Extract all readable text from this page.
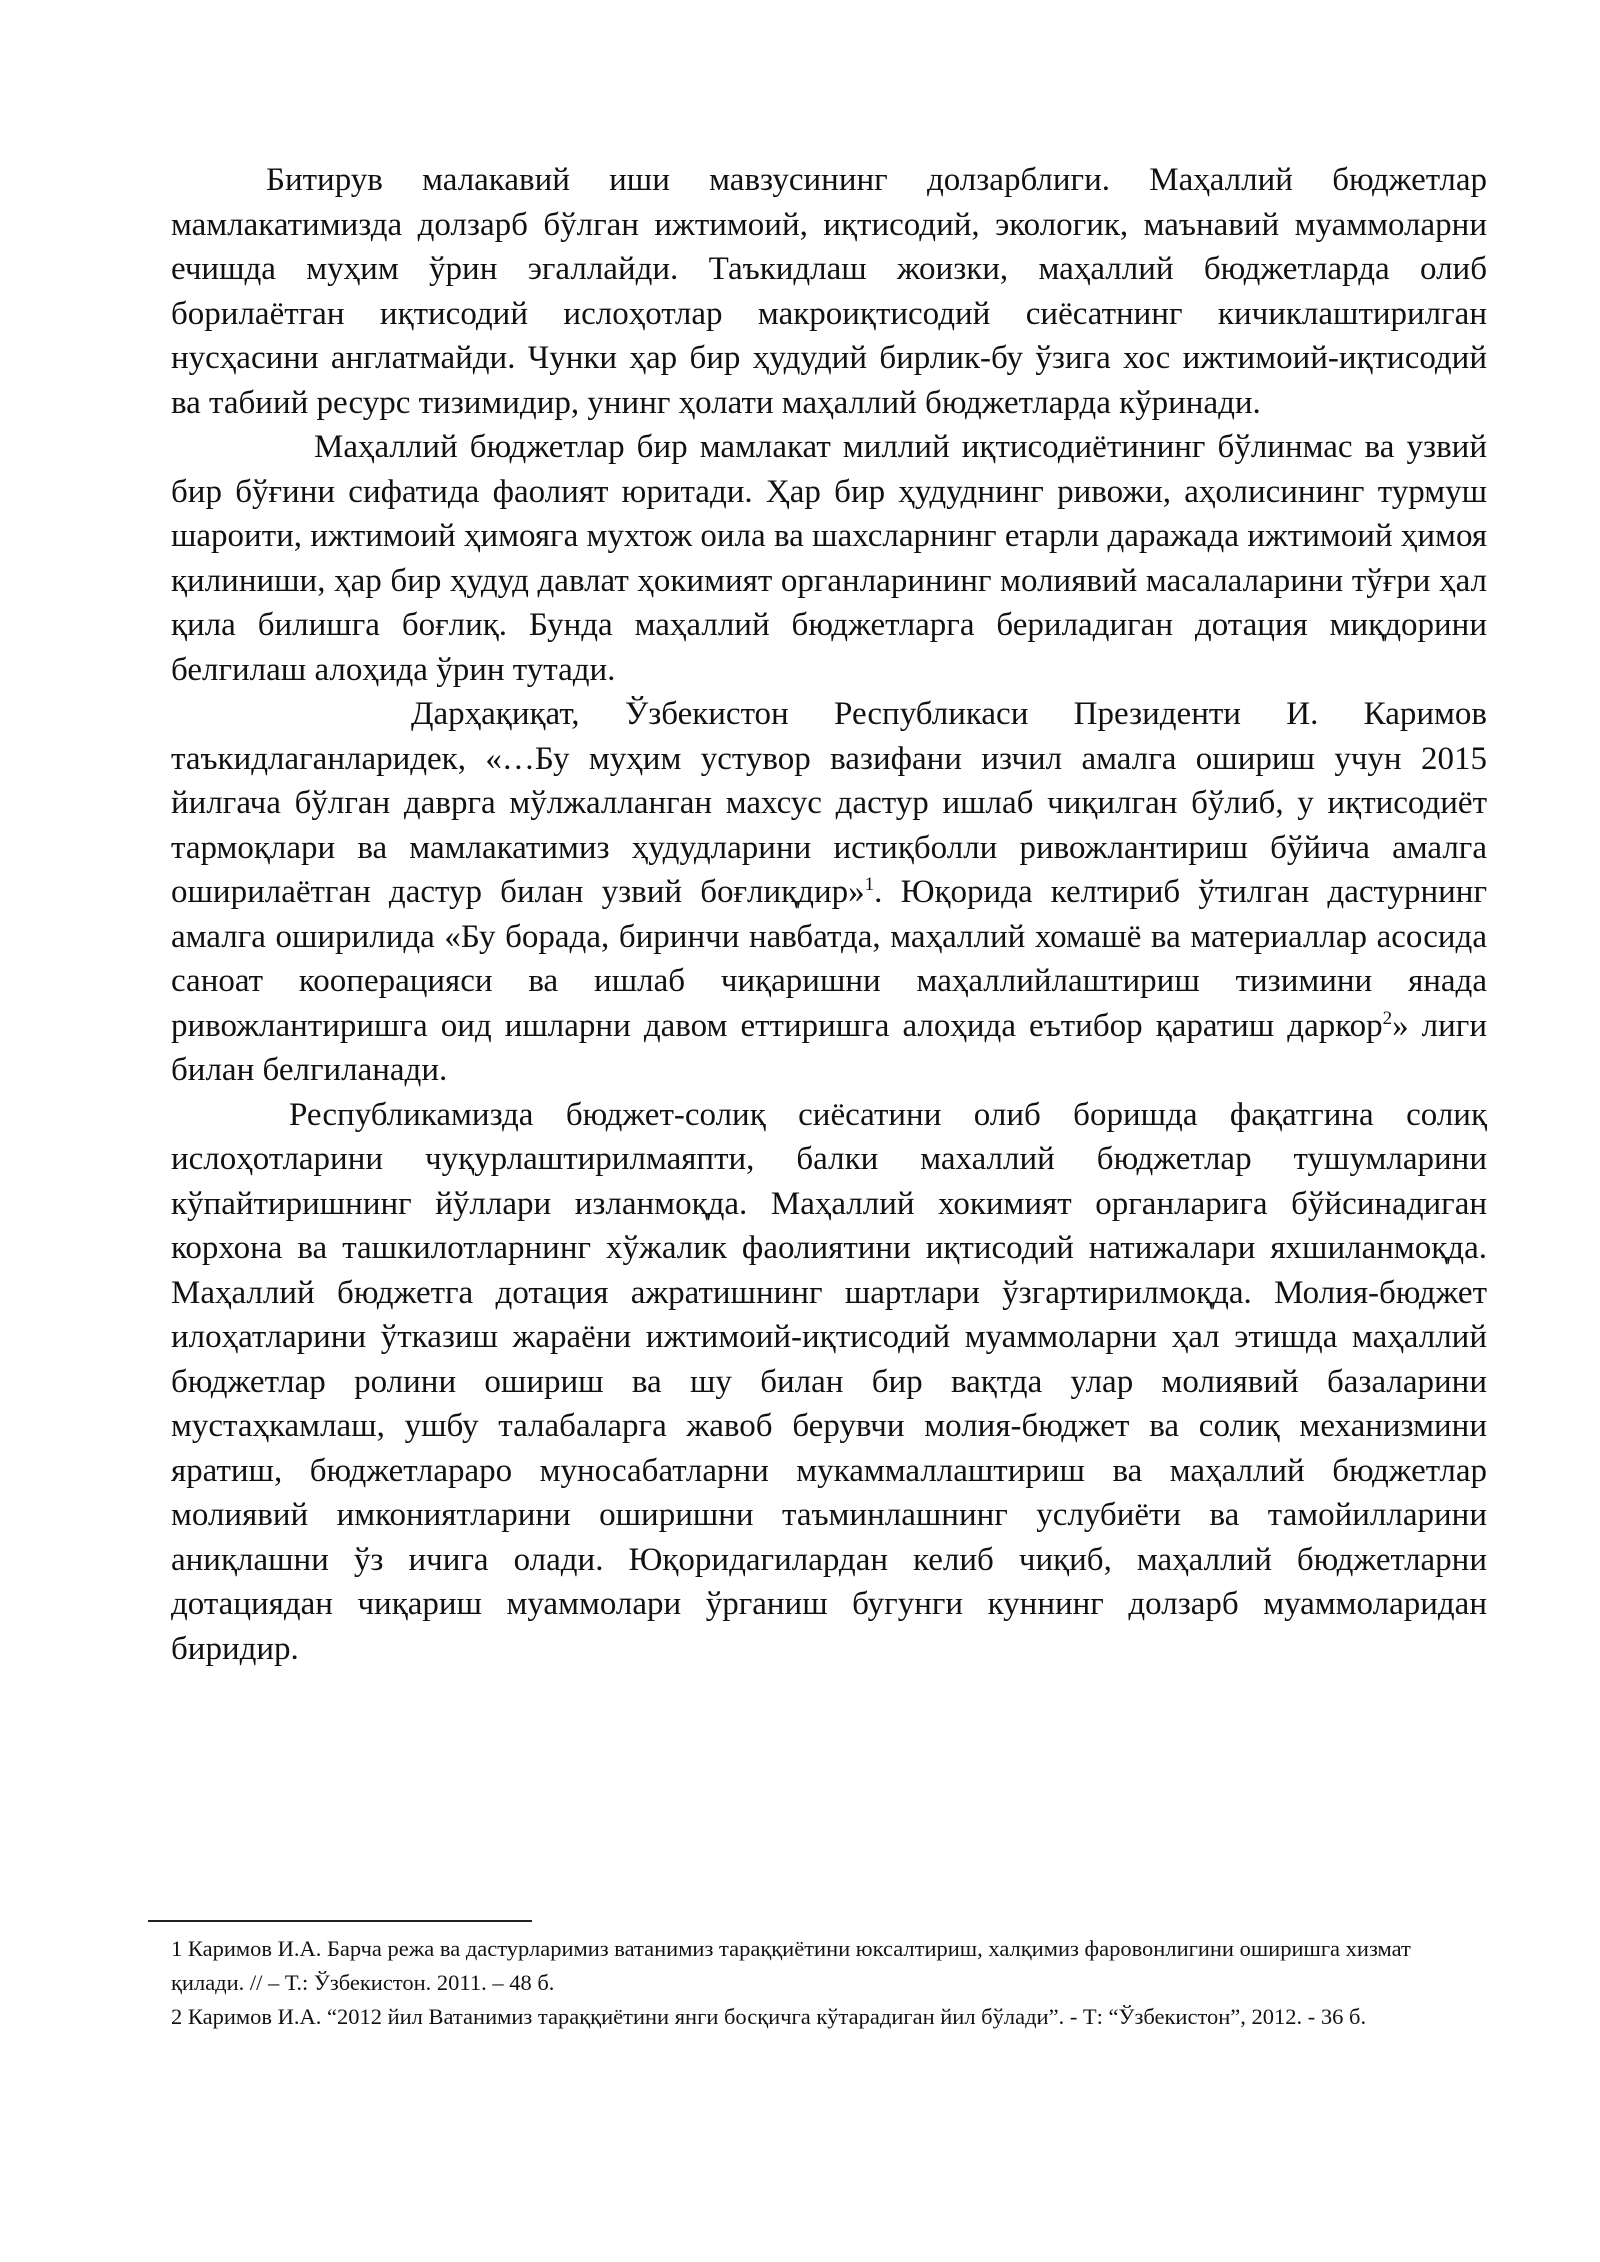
Битирув малакавий иши мавзусининг долзарблиги. Маҳаллий бюджетлар мамлакатимизда долзарб бўлган ижтимоий, иқтисодий, экологик, маънавий муаммоларни ечишда муҳим ўрин эгаллайди. Таъкидлаш жоизки, маҳаллий бюджетларда олиб борилаётган иқтисодий ислоҳотлар макроиқтисодий сиёсатнинг кичиклаштирилган нусҳасини англатмайди. Чунки ҳар бир ҳудудий бирлик-бу ўзига хос ижтимоий-иқтисодий ва табиий ресурс тизимидир, унинг ҳолати маҳаллий бюджетларда кўринади.

Маҳаллий бюджетлар бир мамлакат миллий иқтисодиётининг бўлинмас ва узвий бир бўғини сифатида фаолият юритади. Ҳар бир ҳудуднинг ривожи, аҳолисининг турмуш шароити, ижтимоий ҳимояга мухтож оила ва шахсларнинг етарли даражада ижтимоий ҳимоя қилиниши, ҳар бир ҳудуд давлат ҳокимият органларининг молиявий масалаларини тўғри ҳал қила билишга боғлиқ. Бунда маҳаллий бюджетларга бериладиган дотация миқдорини белгилаш алоҳида ўрин тутади.

Дарҳақиқат, Ўзбекистон Республикаси Президенти И. Каримов таъкидлаганларидек, «…Бу муҳим устувор вазифани изчил амалга ошириш учун 2015 йилгача бўлган даврга мўлжалланган махсус дастур ишлаб чиқилган бўлиб, у иқтисодиёт тармоқлари ва мамлакатимиз ҳудудларини истиқболли ривожлантириш бўйича амалга оширилаётган дастур билан узвий боғлиқдир»$^1$. Юқорида келтириб ўтилган дастурнинг амалга оширилида «Бу борада, биринчи навбатда, маҳаллий хомашё ва материаллар асосида саноат кооперацияси ва ишлаб чиқаришни маҳаллийлаштириш тизимини янада ривожлантиришга оид ишларни давом еттиришга алоҳида еътибор қаратиш даркор$^2$» лиги билан белгиланади.

Республикамизда бюджет-солиқ сиёсатини олиб боришда фақатгина солиқ ислоҳотларини чуқурлаштирилмаяпти, балки махаллий бюджетлар тушумларини кўпайтиришнинг йўллари изланмоқда. Маҳаллий хокимият органларига бўйсинадиган корхона ва ташкилотларнинг хўжалик фаолиятини иқтисодий натижалари яхшиланмоқда. Маҳаллий бюджетга дотация ажратишнинг шартлари ўзгартирилмоқда. Молия-бюджет илоҳатларини ўтказиш жараёни ижтимоий-иқтисодий муаммоларни ҳал этишда маҳаллий бюджетлар ролини ошириш ва шу билан бир вақтда улар молиявий базаларини мустаҳкамлаш, ушбу талабаларга жавоб берувчи молия-бюджет ва солиқ механизмини яратиш, бюджетлараро муносабатларни мукаммаллаштириш ва маҳаллий бюджетлар молиявий имкониятларини оширишни таъминлашнинг услубиёти ва тамойилларини аниқлашни ўз ичига олади. Юқоридагилардан келиб чиқиб, маҳаллий бюджетларни дотациядан чиқариш муаммолари ўрганиш бугунги куннинг долзарб муаммоларидан биридир.

1 Каримов И.А. Барча режа ва дастурларимиз ватанимиз тараққиётини юксалтириш, халқимиз фаровонлигини оширишга хизмат қилади. // – Т.: Ўзбекистон. 2011. – 48 б.

2 Каримов И.А. “2012 йил Ватанимиз тараққиётини янги босқичга кўтарадиган йил бўлади”. - Т: “Ўзбекистон”, 2012. - 36 б.
